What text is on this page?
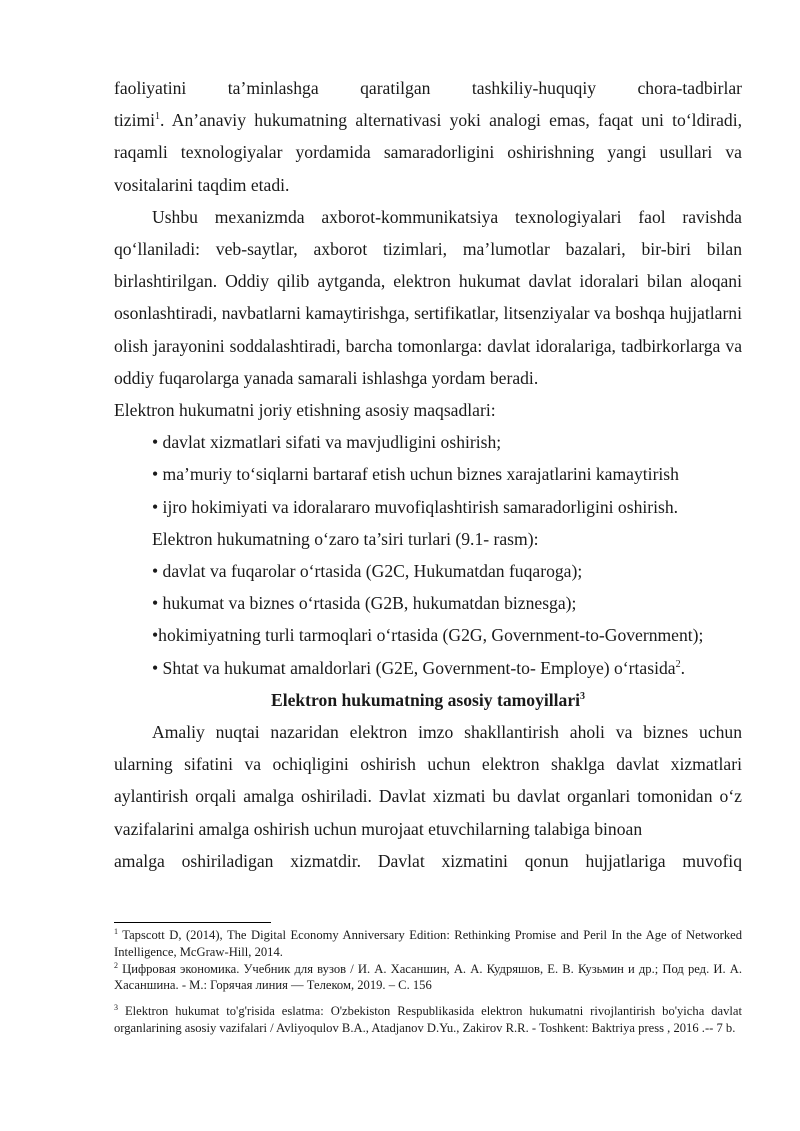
faoliyatini ta’minlashga qaratilgan tashkiliy-huquqiy chora-tadbirlar

tizimi$^1$. An’anaviy hukumatning alternativasi yoki analogi emas, faqat uni to‘ldiradi, raqamli texnologiyalar yordamida samaradorligini oshirishning yangi usullari va vositalarini taqdim etadi.

Ushbu mexanizmda axborot-kommunikatsiya texnologiyalari faol ravishda qo‘llaniladi: veb-saytlar, axborot tizimlari, ma’lumotlar bazalari, bir-biri bilan birlashtirilgan. Oddiy qilib aytganda, elektron hukumat davlat idoralari bilan aloqani osonlashtiradi, navbatlarni kamaytirishga, sertifikatlar, litsenziyalar va boshqa hujjatlarni olish jarayonini soddalashtiradi, barcha tomonlarga: davlat idoralariga, tadbirkorlarga va oddiy fuqarolarga yanada samarali ishlashga yordam beradi.

Elektron hukumatni joriy etishning asosiy maqsadlari:

• davlat xizmatlari sifati va mavjudligini oshirish;

• ma’muriy to‘siqlarni bartaraf etish uchun biznes xarajatlarini kamaytirish

• ijro hokimiyati va idoralararo muvofiqlashtirish samaradorligini oshirish.

Elektron hukumatning o‘zaro ta’siri turlari (9.1- rasm):

• davlat va fuqarolar o‘rtasida (G2C, Hukumatdan fuqaroga);

• hukumat va biznes o‘rtasida (G2B, hukumatdan biznesga);

•hokimiyatning turli tarmoqlari o‘rtasida (G2G, Government-to-Government);

• Shtat va hukumat amaldorlari (G2E, Government-to- Employe) o‘rtasida$^2$.

Elektron hukumatning asosiy tamoyillari$^3$

Amaliy nuqtai nazaridan elektron imzo shakllantirish aholi va biznes uchun ularning sifatini va ochiqligini oshirish uchun elektron shaklga davlat xizmatlari aylantirish orqali amalga oshiriladi. Davlat xizmati bu davlat organlari tomonidan o‘z vazifalarini amalga oshirish uchun murojaat etuvchilarning talabiga binoan

amalga oshiriladigan xizmatdir. Davlat xizmatini qonun hujjatlariga muvofiq

$^1$ Tapscott D, (2014), The Digital Economy Anniversary Edition: Rethinking Promise and Peril In the Age of Networked Intelligence, McGraw-Hill, 2014.

$^2$ Цифровая экономика. Учебник для вузов / И. А. Хасаншин, А. А. Кудряшов, Е. В. Кузьмин и др.; Под ред. И. А. Хасаншина. - М.: Горячая линия — Телеком, 2019. – С. 156

$^3$ Elektron hukumat to'g'risida eslatma: O'zbekiston Respublikasida elektron hukumatni rivojlantirish bo'yicha davlat organlarining asosiy vazifalari / Avliyoqulov B.A., Atadjanov D.Yu., Zakirov R.R. - Toshkent: Baktriya press , 2016 .-- 7 b.
